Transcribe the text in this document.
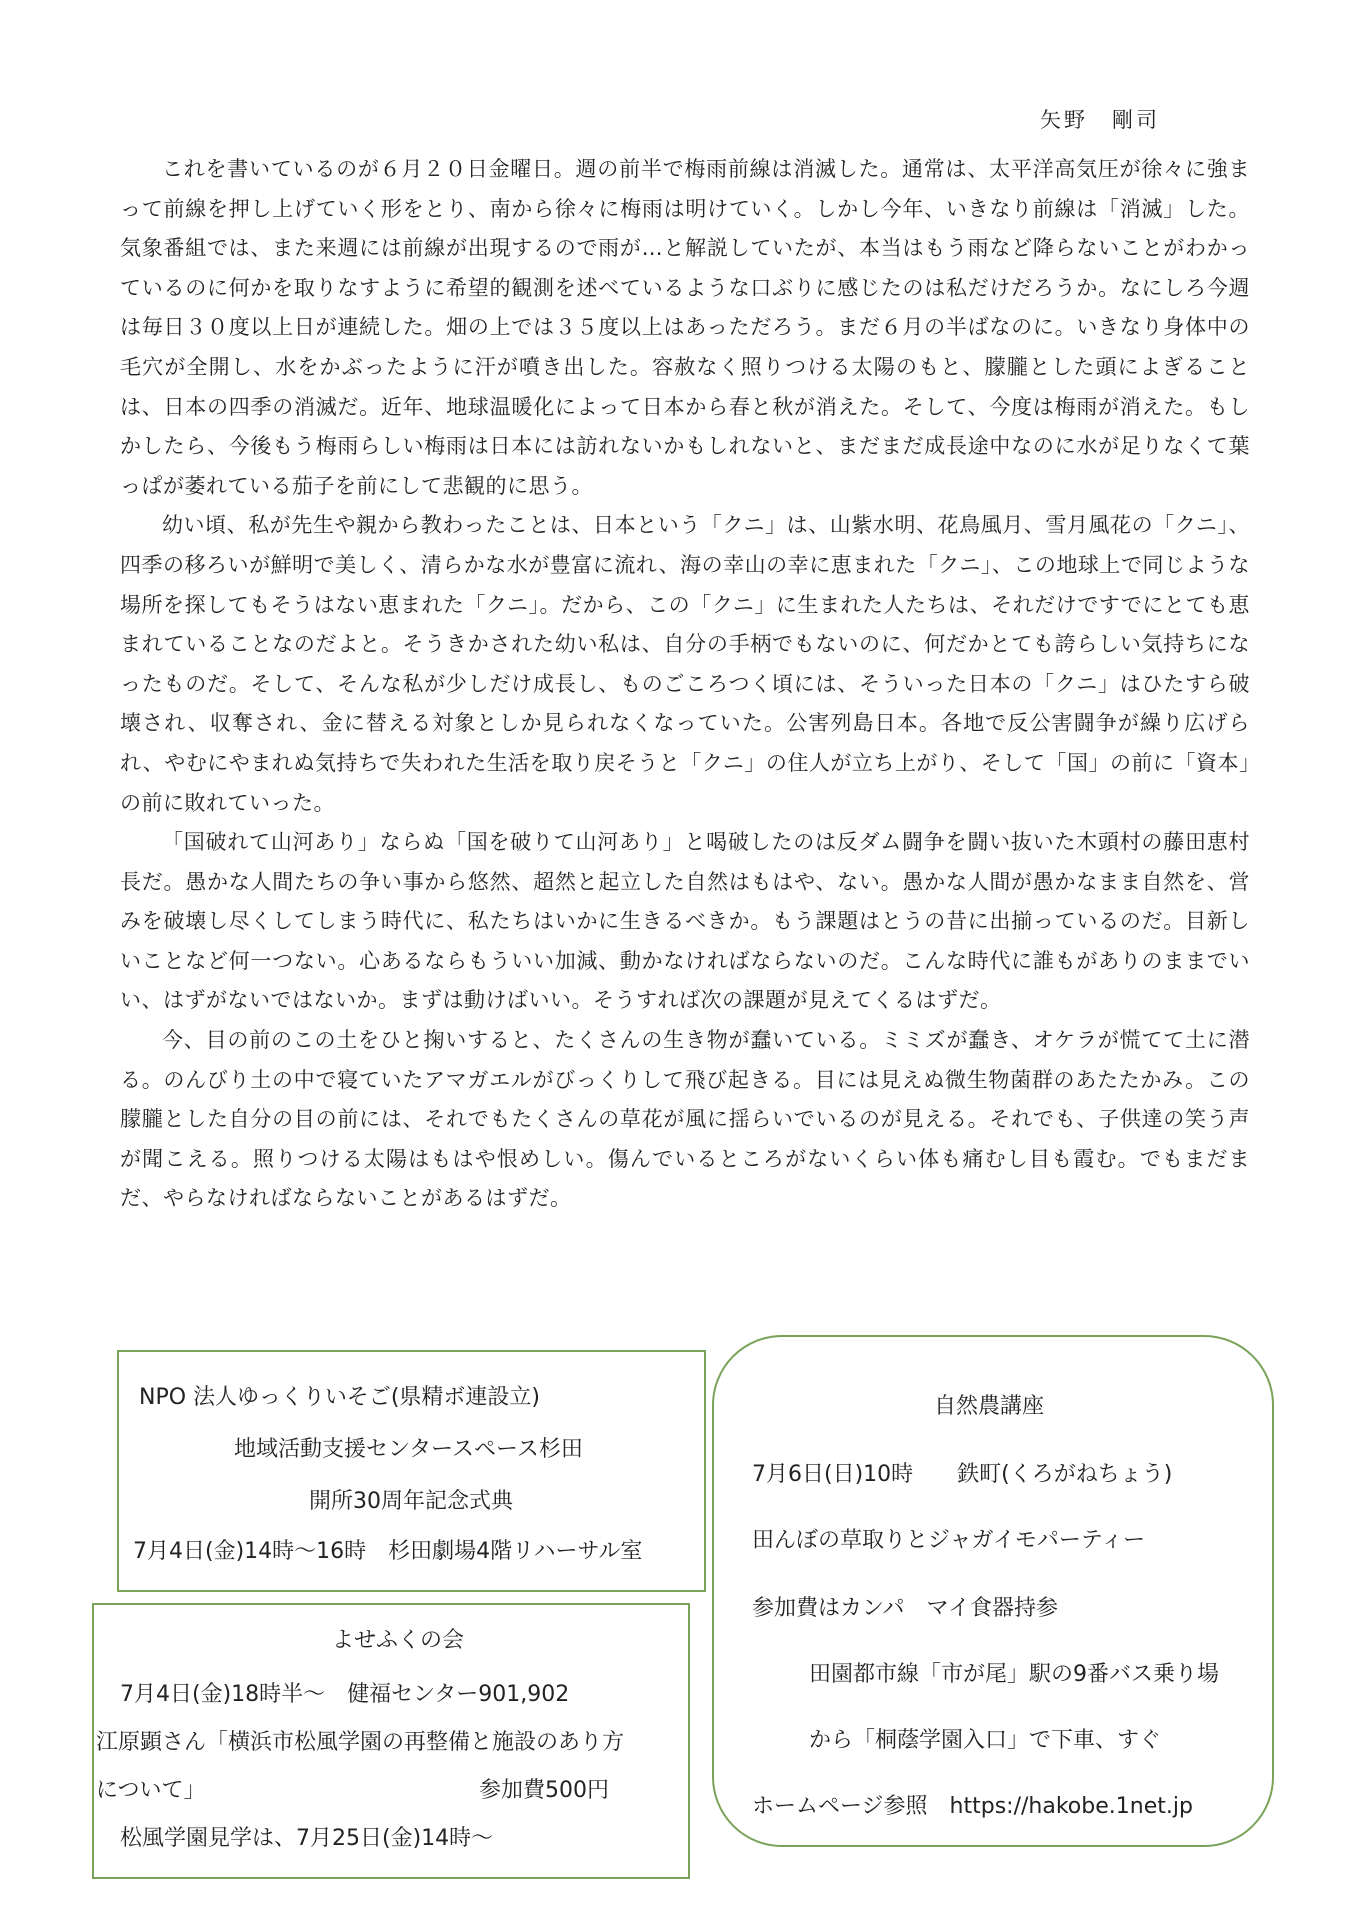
矢野　剛司

これを書いているのが６月２０日金曜日。週の前半で梅雨前線は消滅した。通常は、太平洋高気圧が徐々に強まって前線を押し上げていく形をとり、南から徐々に梅雨は明けていく。しかし今年、いきなり前線は「消滅」した。気象番組では、また来週には前線が出現するので雨が…と解説していたが、本当はもう雨など降らないことがわかっているのに何かを取りなすように希望的観測を述べているような口ぶりに感じたのは私だけだろうか。なにしろ今週は毎日３０度以上日が連続した。畑の上では３５度以上はあっただろう。まだ６月の半ばなのに。いきなり身体中の毛穴が全開し、水をかぶったように汗が噴き出した。容赦なく照りつける太陽のもと、朦朧とした頭によぎることは、日本の四季の消滅だ。近年、地球温暖化によって日本から春と秋が消えた。そして、今度は梅雨が消えた。もしかしたら、今後もう梅雨らしい梅雨は日本には訪れないかもしれないと、まだまだ成長途中なのに水が足りなくて葉っぱが萎れている茄子を前にして悲観的に思う。

幼い頃、私が先生や親から教わったことは、日本という「クニ」は、山紫水明、花鳥風月、雪月風花の「クニ」、四季の移ろいが鮮明で美しく、清らかな水が豊富に流れ、海の幸山の幸に恵まれた「クニ」、この地球上で同じような場所を探してもそうはない恵まれた「クニ」。だから、この「クニ」に生まれた人たちは、それだけですでにとても恵まれていることなのだよと。そうきかされた幼い私は、自分の手柄でもないのに、何だかとても誇らしい気持ちになったものだ。そして、そんな私が少しだけ成長し、ものごころつく頃には、そういった日本の「クニ」はひたすら破壊され、収奪され、金に替える対象としか見られなくなっていた。公害列島日本。各地で反公害闘争が繰り広げられ、やむにやまれぬ気持ちで失われた生活を取り戻そうと「クニ」の住人が立ち上がり、そして「国」の前に「資本」の前に敗れていった。

「国破れて山河あり」ならぬ「国を破りて山河あり」と喝破したのは反ダム闘争を闘い抜いた木頭村の藤田恵村長だ。愚かな人間たちの争い事から悠然、超然と起立した自然はもはや、ない。愚かな人間が愚かなまま自然を、営みを破壊し尽くしてしまう時代に、私たちはいかに生きるべきか。もう課題はとうの昔に出揃っているのだ。目新しいことなど何一つない。心あるならもういい加減、動かなければならないのだ。こんな時代に誰もがありのままでいい、はずがないではないか。まずは動けばいい。そうすれば次の課題が見えてくるはずだ。

今、目の前のこの土をひと掬いすると、たくさんの生き物が蠢いている。ミミズが蠢き、オケラが慌てて土に潜る。のんびり土の中で寝ていたアマガエルがびっくりして飛び起きる。目には見えぬ微生物菌群のあたたかみ。この朦朧とした自分の目の前には、それでもたくさんの草花が風に揺らいでいるのが見える。それでも、子供達の笑う声が聞こえる。照りつける太陽はもはや恨めしい。傷んでいるところがないくらい体も痛むし目も霞む。でもまだまだ、やらなければならないことがあるはずだ。

NPO 法人ゆっくりいそご(県精ボ連設立)
地域活動支援センタースペース杉田
開所30周年記念式典
7月4日(金)14時～16時　杉田劇場4階リハーサル室
よせふくの会
7月4日(金)18時半～　健福センター901,902
江原顕さん「横浜市松風学園の再整備と施設のあり方
について」	参加費500円
松風学園見学は、7月25日(金)14時～
自然農講座
7月6日(日)10時　　鉄町(くろがねちょう)
田んぼの草取りとジャガイモパーティー
参加費はカンパ　マイ食器持参
田園都市線「市が尾」駅の9番バス乗り場
から「桐蔭学園入口」で下車、すぐ
ホームページ参照　https://hakobe.1net.jp
